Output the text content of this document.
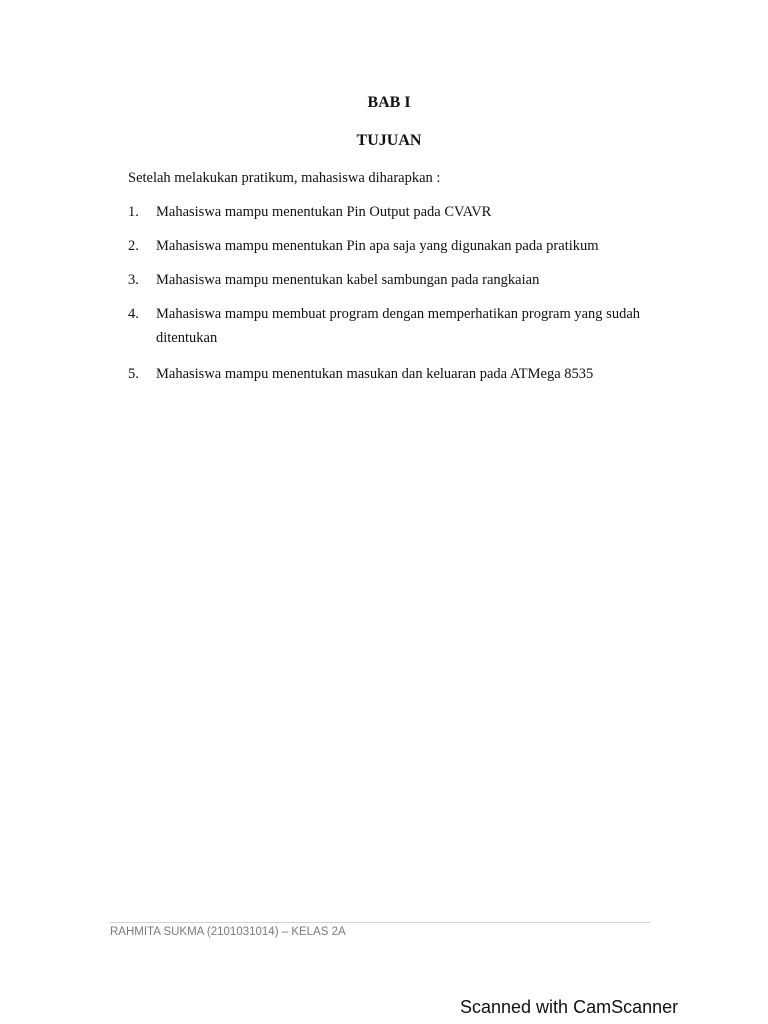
BAB I
TUJUAN

Setelah melakukan pratikum, mahasiswa diharapkan :

1.	Mahasiswa mampu menentukan Pin Output pada CVAVR
2.	Mahasiswa mampu menentukan Pin apa saja yang digunakan pada pratikum
3.	Mahasiswa mampu menentukan kabel sambungan pada rangkaian
4.	Mahasiswa mampu membuat program dengan memperhatikan program yang sudah ditentukan
5.	Mahasiswa mampu menentukan masukan dan keluaran pada ATMega 8535

RAHMITA SUKMA (2101031014) – KELAS 2A

Scanned with CamScanner
